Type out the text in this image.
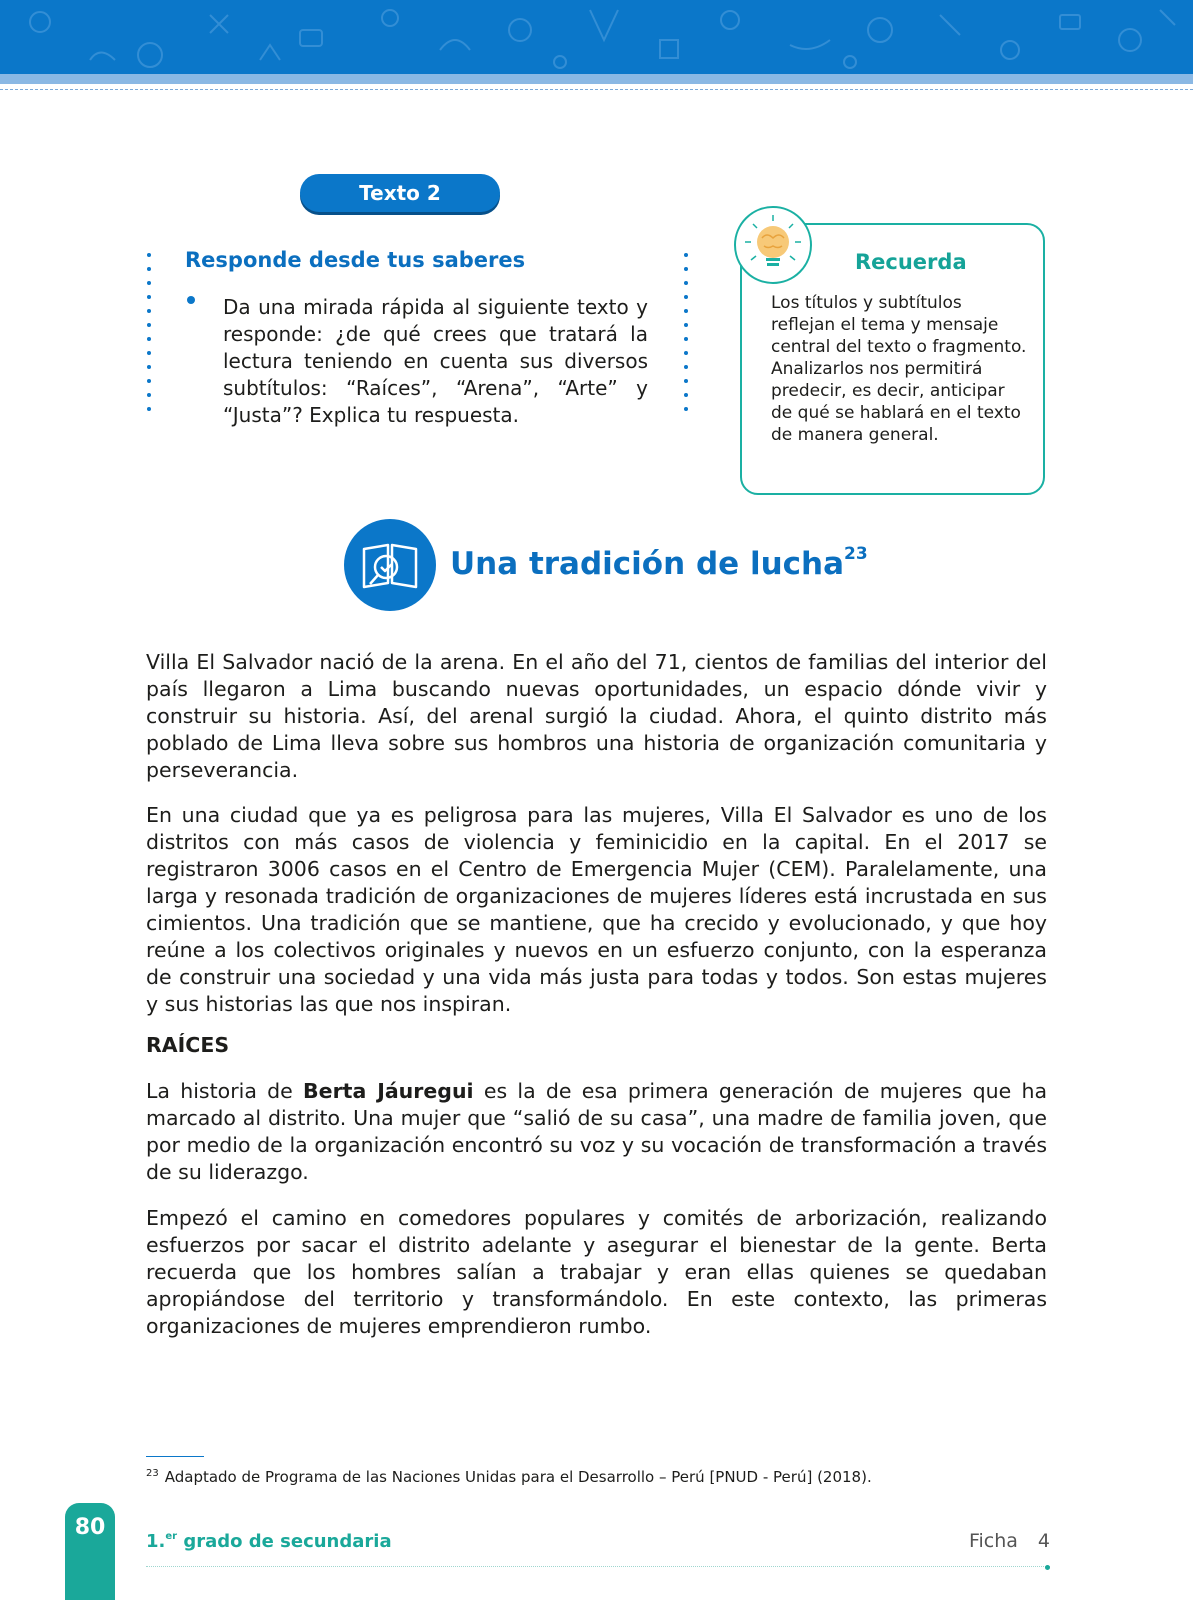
Texto 2
Responde desde tus saberes
Da una mirada rápida al siguiente texto y responde: ¿de qué crees que tratará la lectura teniendo en cuenta sus diversos subtítulos: “Raíces”, “Arena”, “Arte” y “Justa”? Explica tu respuesta.
Recuerda
Los títulos y subtítulos reflejan el tema y mensaje central del texto o fragmento. Analizarlos nos permitirá predecir, es decir, anticipar de qué se hablará en el texto de manera general.
Una tradición de lucha$^{23}$
Villa El Salvador nació de la arena. En el año del 71, cientos de familias del interior del país llegaron a Lima buscando nuevas oportunidades, un espacio dónde vivir y construir su historia. Así, del arenal surgió la ciudad. Ahora, el quinto distrito más poblado de Lima lleva sobre sus hombros una historia de organización comunitaria y perseverancia.
En una ciudad que ya es peligrosa para las mujeres, Villa El Salvador es uno de los distritos con más casos de violencia y feminicidio en la capital. En el 2017 se registraron 3006 casos en el Centro de Emergencia Mujer (CEM). Paralelamente, una larga y resonada tradición de organizaciones de mujeres líderes está incrustada en sus cimientos. Una tradición que se mantiene, que ha crecido y evolucionado, y que hoy reúne a los colectivos originales y nuevos en un esfuerzo conjunto, con la esperanza de construir una sociedad y una vida más justa para todas y todos. Son estas mujeres y sus historias las que nos inspiran.
RAÍCES
La historia de Berta Jáuregui es la de esa primera generación de mujeres que ha marcado al distrito. Una mujer que “salió de su casa”, una madre de familia joven, que por medio de la organización encontró su voz y su vocación de transformación a través de su liderazgo.
Empezó el camino en comedores populares y comités de arborización, realizando esfuerzos por sacar el distrito adelante y asegurar el bienestar de la gente. Berta recuerda que los hombres salían a trabajar y eran ellas quienes se quedaban apropiándose del territorio y transformándolo. En este contexto, las primeras organizaciones de mujeres emprendieron rumbo.
$^{23}$ Adaptado de Programa de las Naciones Unidas para el Desarrollo – Perú [PNUD - Perú] (2018).
80
1.$^{er}$ grado de secundaria	Ficha 4
